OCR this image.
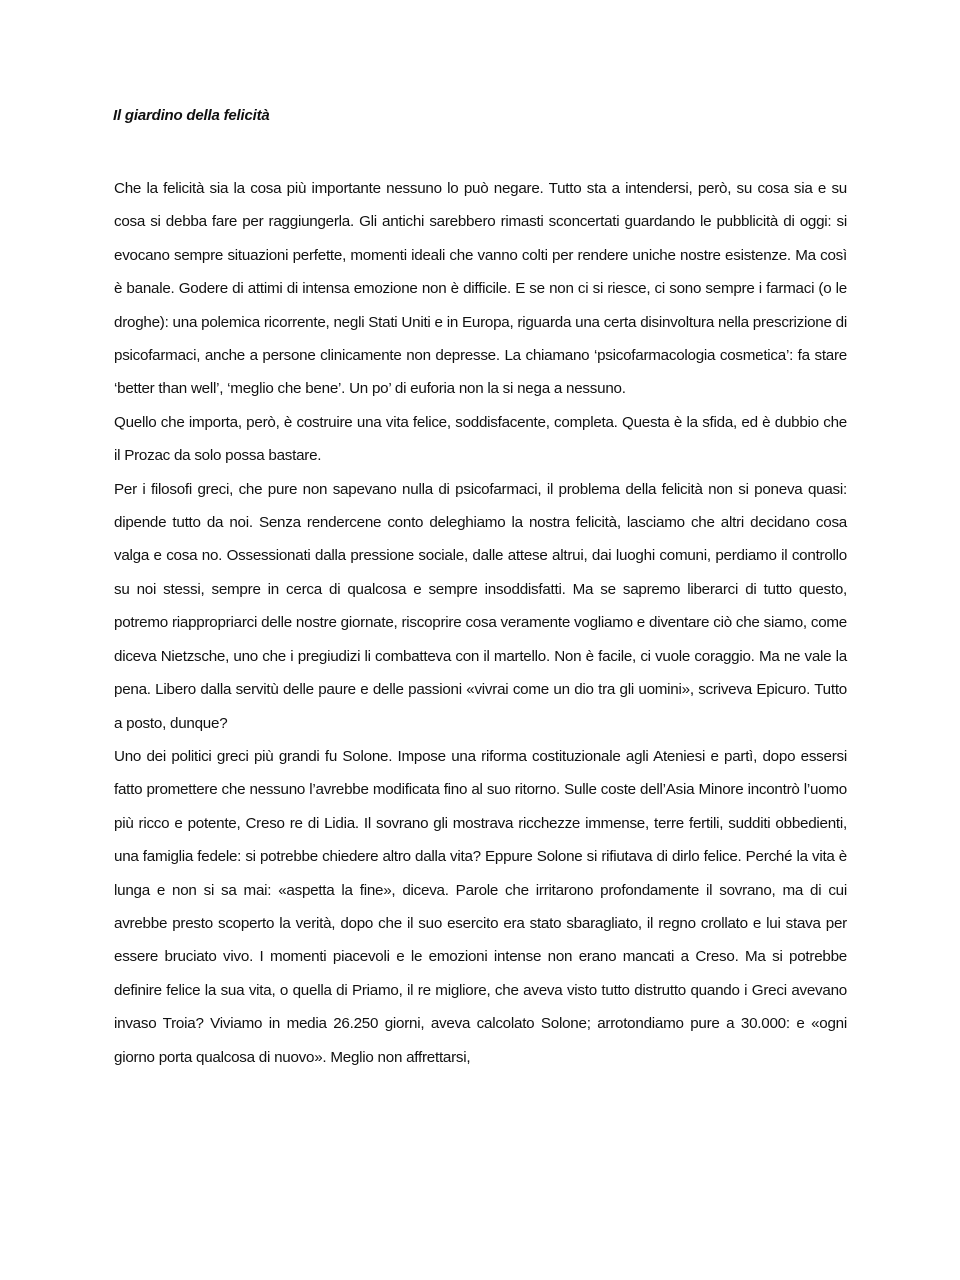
Il giardino della felicità

Che la felicità sia la cosa più importante nessuno lo può negare. Tutto sta a intendersi, però, su cosa sia e su cosa si debba fare per raggiungerla. Gli antichi sarebbero rimasti sconcertati guardando le pubblicità di oggi: si evocano sempre situazioni perfette, momenti ideali che vanno colti per rendere uniche nostre esistenze. Ma così è banale. Godere di attimi di intensa emozione non è difficile. E se non ci si riesce, ci sono sempre i farmaci (o le droghe): una polemica ricorrente, negli Stati Uniti e in Europa, riguarda una certa disinvoltura nella prescrizione di psicofarmaci, anche a persone clinicamente non depresse. La chiamano ‘psicofarmacologia cosmetica’: fa stare ‘better than well’, ‘meglio che bene’. Un po’ di euforia non la si nega a nessuno.

Quello che importa, però, è costruire una vita felice, soddisfacente, completa. Questa è la sfida, ed è dubbio che il Prozac da solo possa bastare.

Per i filosofi greci, che pure non sapevano nulla di psicofarmaci, il problema della felicità non si poneva quasi: dipende tutto da noi. Senza rendercene conto deleghiamo la nostra felicità, lasciamo che altri decidano cosa valga e cosa no. Ossessionati dalla pressione sociale, dalle attese altrui, dai luoghi comuni, perdiamo il controllo su noi stessi, sempre in cerca di qualcosa e sempre insoddisfatti. Ma se sapremo liberarci di tutto questo, potremo riappropriarci delle nostre giornate, riscoprire cosa veramente vogliamo e diventare ciò che siamo, come diceva Nietzsche, uno che i pregiudizi li combatteva con il martello. Non è facile, ci vuole coraggio. Ma ne vale la pena. Libero dalla servitù delle paure e delle passioni «vivrai come un dio tra gli uomini», scriveva Epicuro. Tutto a posto, dunque?

Uno dei politici greci più grandi fu Solone. Impose una riforma costituzionale agli Ateniesi e partì, dopo essersi fatto promettere che nessuno l’avrebbe modificata fino al suo ritorno. Sulle coste dell’Asia Minore incontrò l’uomo più ricco e potente, Creso re di Lidia. Il sovrano gli mostrava ricchezze immense, terre fertili, sudditi obbedienti, una famiglia fedele: si potrebbe chiedere altro dalla vita? Eppure Solone si rifiutava di dirlo felice. Perché la vita è lunga e non si sa mai: «aspetta la fine», diceva. Parole che irritarono profondamente il sovrano, ma di cui avrebbe presto scoperto la verità, dopo che il suo esercito era stato sbaragliato, il regno crollato e lui stava per essere bruciato vivo. I momenti piacevoli e le emozioni intense non erano mancati a Creso. Ma si potrebbe definire felice la sua vita, o quella di Priamo, il re migliore, che aveva visto tutto distrutto quando i Greci avevano invaso Troia? Viviamo in media 26.250 giorni, aveva calcolato Solone; arrotondiamo pure a 30.000: e «ogni giorno porta qualcosa di nuovo». Meglio non affrettarsi,
